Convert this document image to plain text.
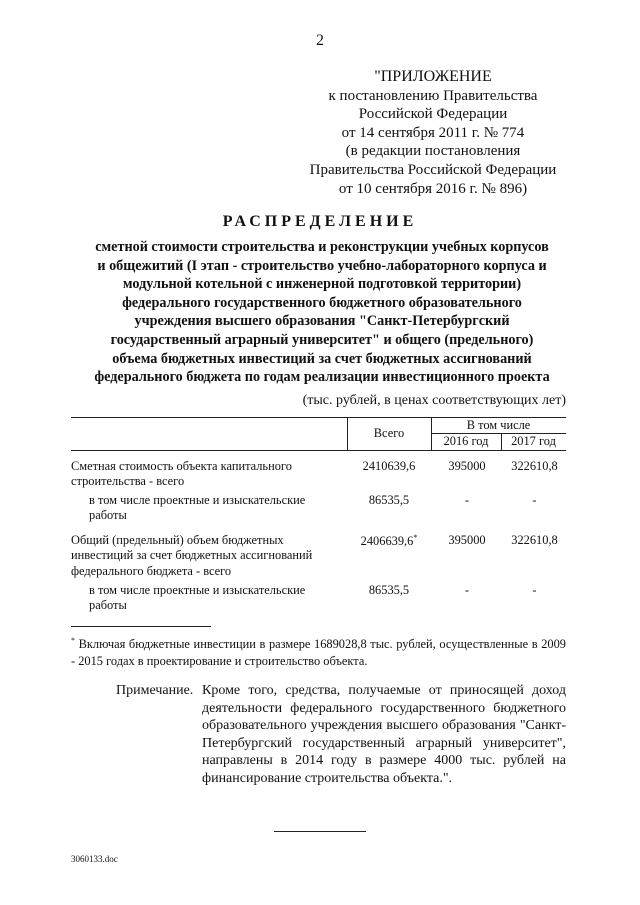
2
"ПРИЛОЖЕНИЕ
к постановлению Правительства
Российской Федерации
от 14 сентября 2011 г. № 774
(в редакции постановления
Правительства Российской Федерации
от 10 сентября 2016 г. № 896)
РАСПРЕДЕЛЕНИЕ
сметной стоимости строительства и реконструкции учебных корпусов
и общежитий (I этап - строительство учебно-лабораторного корпуса и
модульной котельной с инженерной подготовкой территории)
федерального государственного бюджетного образовательного
учреждения высшего образования "Санкт-Петербургский
государственный аграрный университет" и общего (предельного)
объема бюджетных инвестиций за счет бюджетных ассигнований
федерального бюджета по годам реализации инвестиционного проекта
(тыс. рублей, в ценах соответствующих лет)
Всего
В том числе
2016 год	2017 год
Сметная стоимость объекта капитального
строительства - всего
2410639,6	395000	322610,8
в том числе проектные и изыскательские
работы
86535,5	-	-
Общий (предельный) объем бюджетных
инвестиций за счет бюджетных ассигнований
федерального бюджета - всего
2406639,6*	395000	322610,8
в том числе проектные и изыскательские
работы
86535,5	-	-
* Включая бюджетные инвестиции в размере 1689028,8 тыс. рублей, осуществленные в 2009 - 2015 годах в проектирование и строительство объекта.
Примечание. Кроме того, средства, получаемые от приносящей доход деятельности федерального государственного бюджетного образовательного учреждения высшего образования "Санкт-Петербургский государственный аграрный университет", направлены в 2014 году в размере 4000 тыс. рублей на финансирование строительства объекта.".
3060133.doc
